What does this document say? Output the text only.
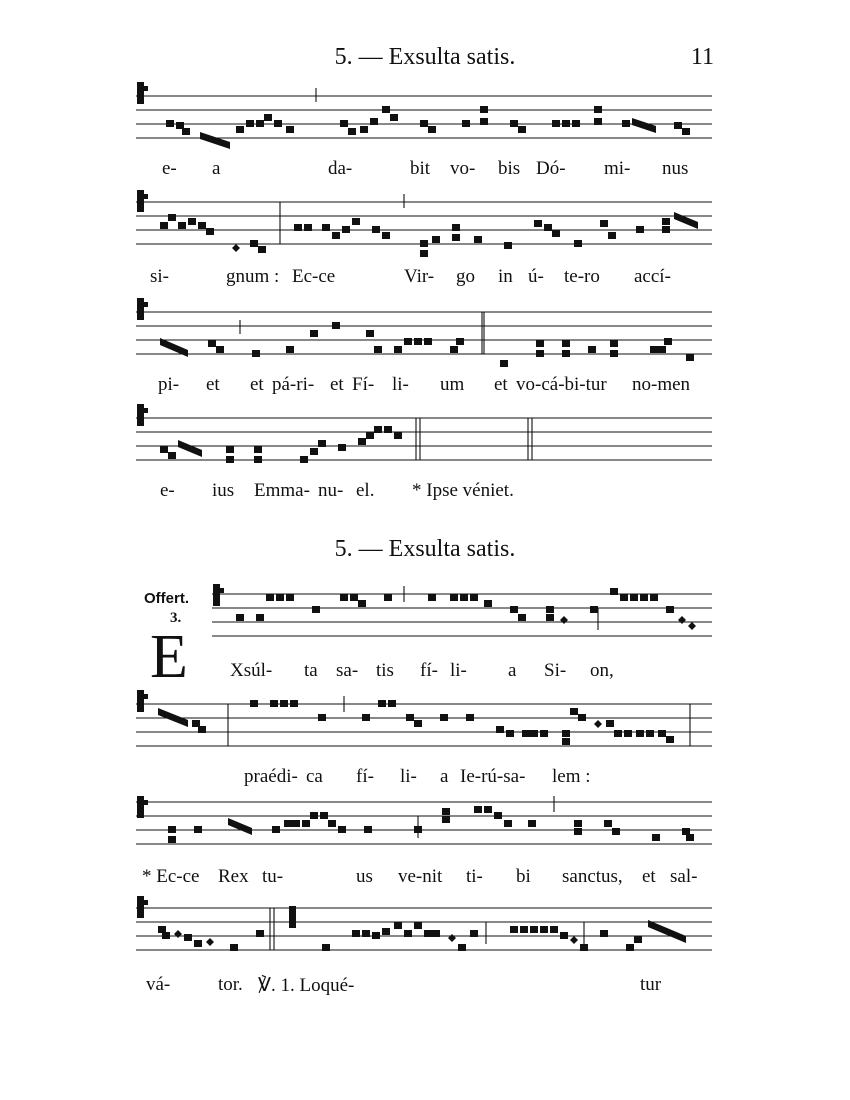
5. — Exsulta satis.	11
e- a	da-	bit vo- bis Dó- mi- nus
si-	gnum : Ec-ce	Vir- go in ú- te-ro accí-
pi- et et pá-ri- et Fí- li- um et vo-cá-bi-tur no-men
e- ius Emma- nu- el. * Ipse véniet.
5. — Exsulta satis.
Offert.
3.
E Xsúl- ta sa- tis fí- li- a Si- on,
praédi- ca fí- li- a Ie-rú-sa- lem :
* Ec-ce Rex tu-	us ve-nit ti- bi sanctus, et sal-
vá-	tor. ℣. 1. Loqué-	tur
